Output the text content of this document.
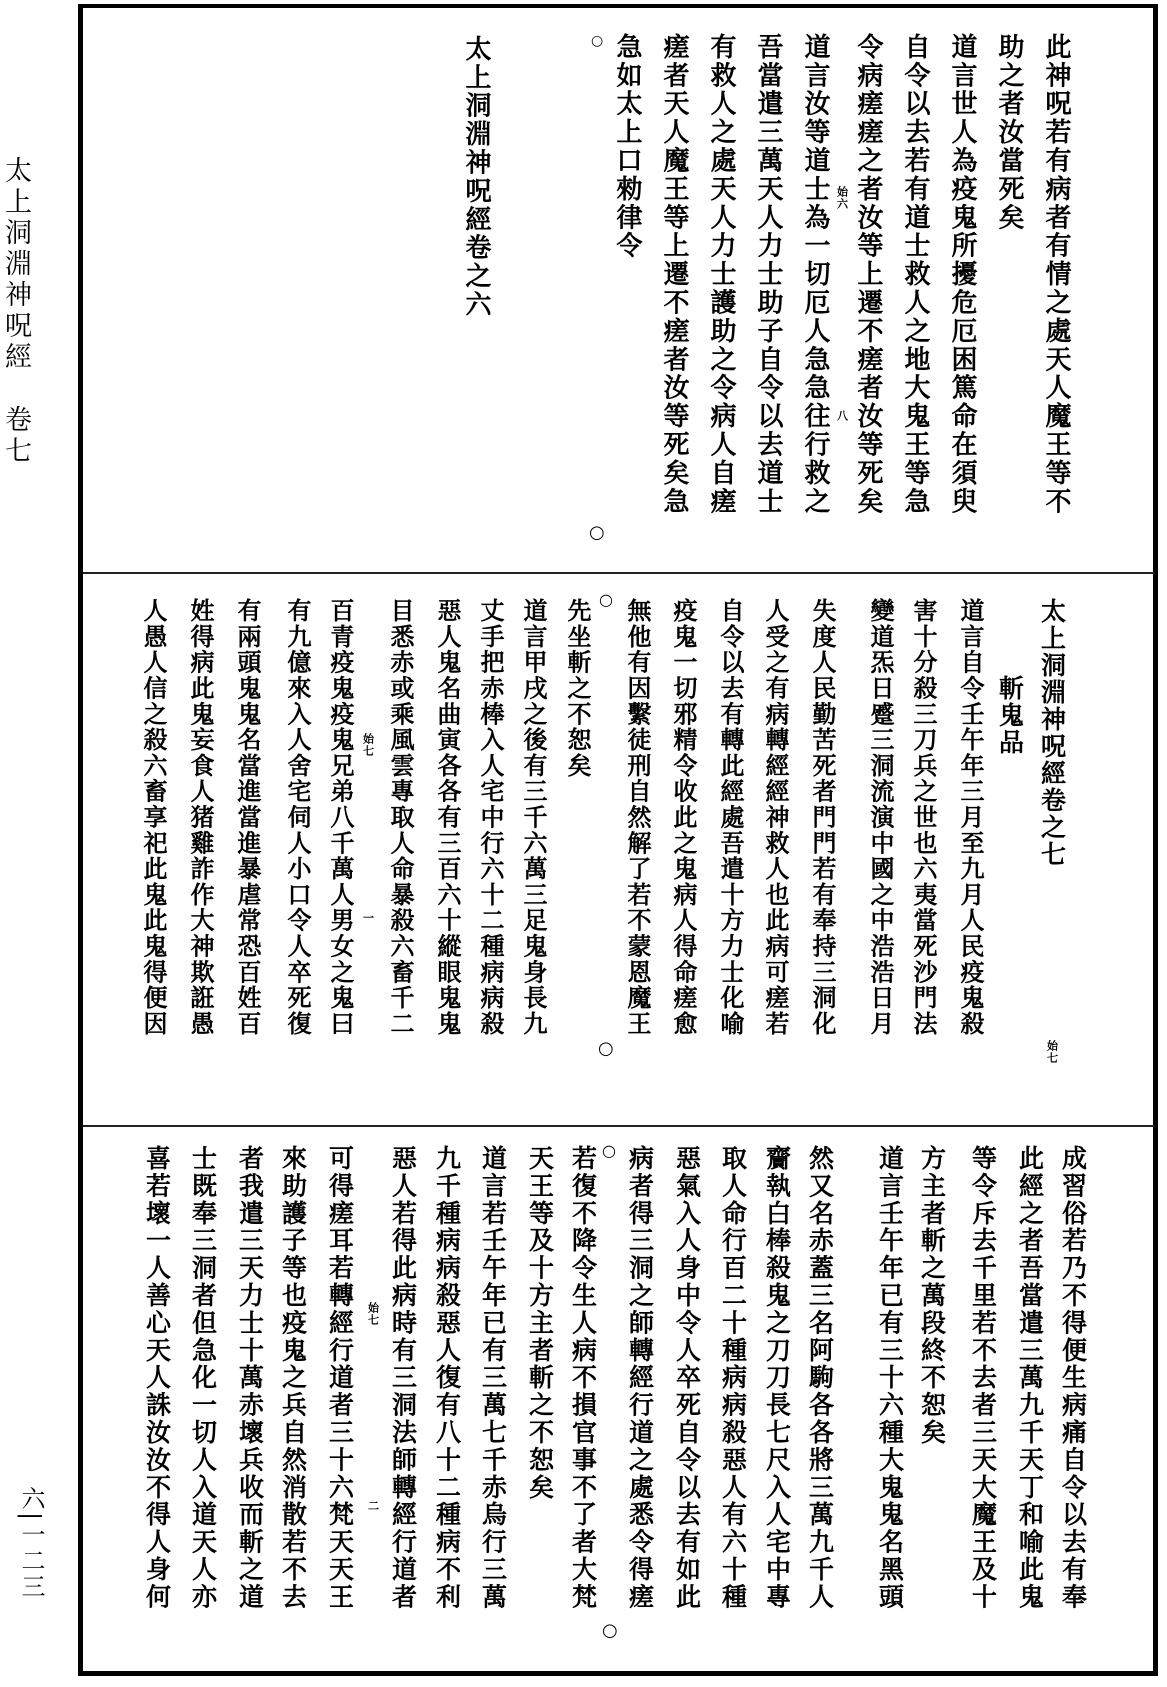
太上洞淵神呪經
卷七
六|一二三
此神呪若有病者有情之處天人魔王等不
助之者汝當死矣
道言世人為疫鬼所擾危厄困篤命在須臾
自令以去若有道士救人之地大鬼王等急
令病瘥瘥之者汝等上遷不瘥者汝等死矣
道言汝等道士為一切厄人急急往行救之
吾當遣三萬天人力士助子自令以去道士
有救人之處天人力士護助之令病人自瘥
瘥者天人魔王等上遷不瘥者汝等死矣急
急如太上口勑律令
太上洞淵神呪經卷之六	始六
八
○
○
太上洞淵神呪經卷之七
斬鬼品
道言自令壬午年三月至九月人民疫鬼殺
害十分殺三刀兵之世也六夷當死沙門法
變道炁日蹙三洞流演中國之中浩浩日月
失度人民勤苦死者門門若有奉持三洞化
人受之有病轉經經神救人也此病可瘥若
自令以去有轉此經處吾遣十方力士化喻
疫鬼一切邪精令收此之鬼病人得命瘥愈
無他有因繫徒刑自然解了若不蒙恩魔王
先坐斬之不恕矣
道言甲戌之後有三千六萬三足鬼身長九
丈手把赤棒入人宅中行六十二種病病殺
惡人鬼名曲寅各各有三百六十縱眼鬼鬼
目悉赤或乘風雲專取人命暴殺六畜千二
百青疫鬼疫鬼兄弟八千萬人男女之鬼曰
有九億來入人舍宅伺人小口令人卒死復
有兩頭鬼鬼名當進當進暴虐常恐百姓百
姓得病此鬼妄食人猪雞詐作大神欺誑愚
人愚人信之殺六畜享祀此鬼此鬼得便因
始七
始七
一
○
○
成習俗若乃不得便生病痛自令以去有奉
此經之者吾當遣三萬九千天丁和喻此鬼
等令斥去千里若不去者三天大魔王及十
方主者斬之萬段終不恕矣
道言壬午年已有三十六種大鬼鬼名黑頭
然又名赤蓋三名阿駒各各將三萬九千人
齎執白棒殺鬼之刀刀長七尺入人宅中專
取人命行百二十種病病殺惡人有六十種
惡氣入人身中令人卒死自令以去有如此
病者得三洞之師轉經行道之處悉令得瘥
若復不降令生人病不損官事不了者大梵
天王等及十方主者斬之不恕矣
道言若壬午年已有三萬七千赤烏行三萬
九千種病病殺惡人復有八十二種病不利
惡人若得此病時有三洞法師轉經行道者
可得瘥耳若轉經行道者三十六梵天天王
來助護子等也疫鬼之兵自然消散若不去
者我遣三天力士十萬赤壞兵收而斬之道
士既奉三洞者但急化一切人入道天人亦
喜若壞一人善心天人誅汝汝不得人身何	始七
二
○
○
